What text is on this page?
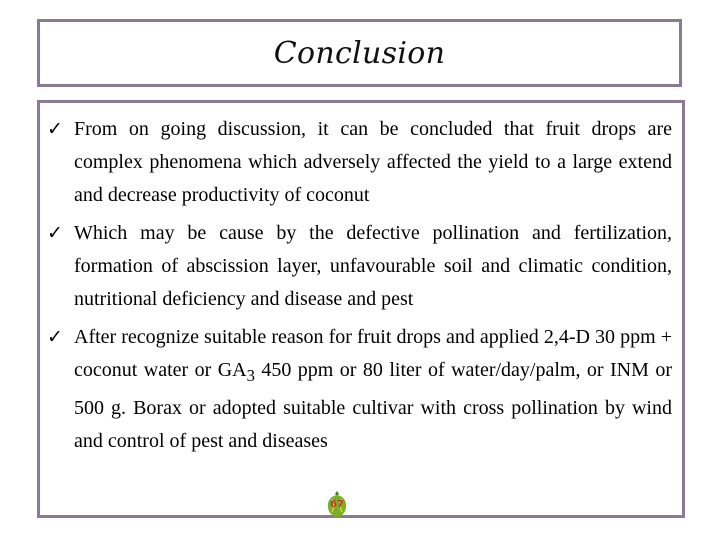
Conclusion
✓ From on going discussion, it can be concluded that fruit drops are complex phenomena which adversely affected the yield to a large extend and decrease productivity of coconut
✓ Which may be cause by the defective pollination and fertilization, formation of abscission layer, unfavourable soil and climatic condition, nutritional deficiency and disease and pest
✓ After recognize suitable reason for fruit drops and applied 2,4-D 30 ppm + coconut water or $GA_3$ 450 ppm or 80 liter of water/day/palm, or INM or 500 g. Borax or adopted suitable cultivar with cross pollination by wind and control of pest and diseases
67
